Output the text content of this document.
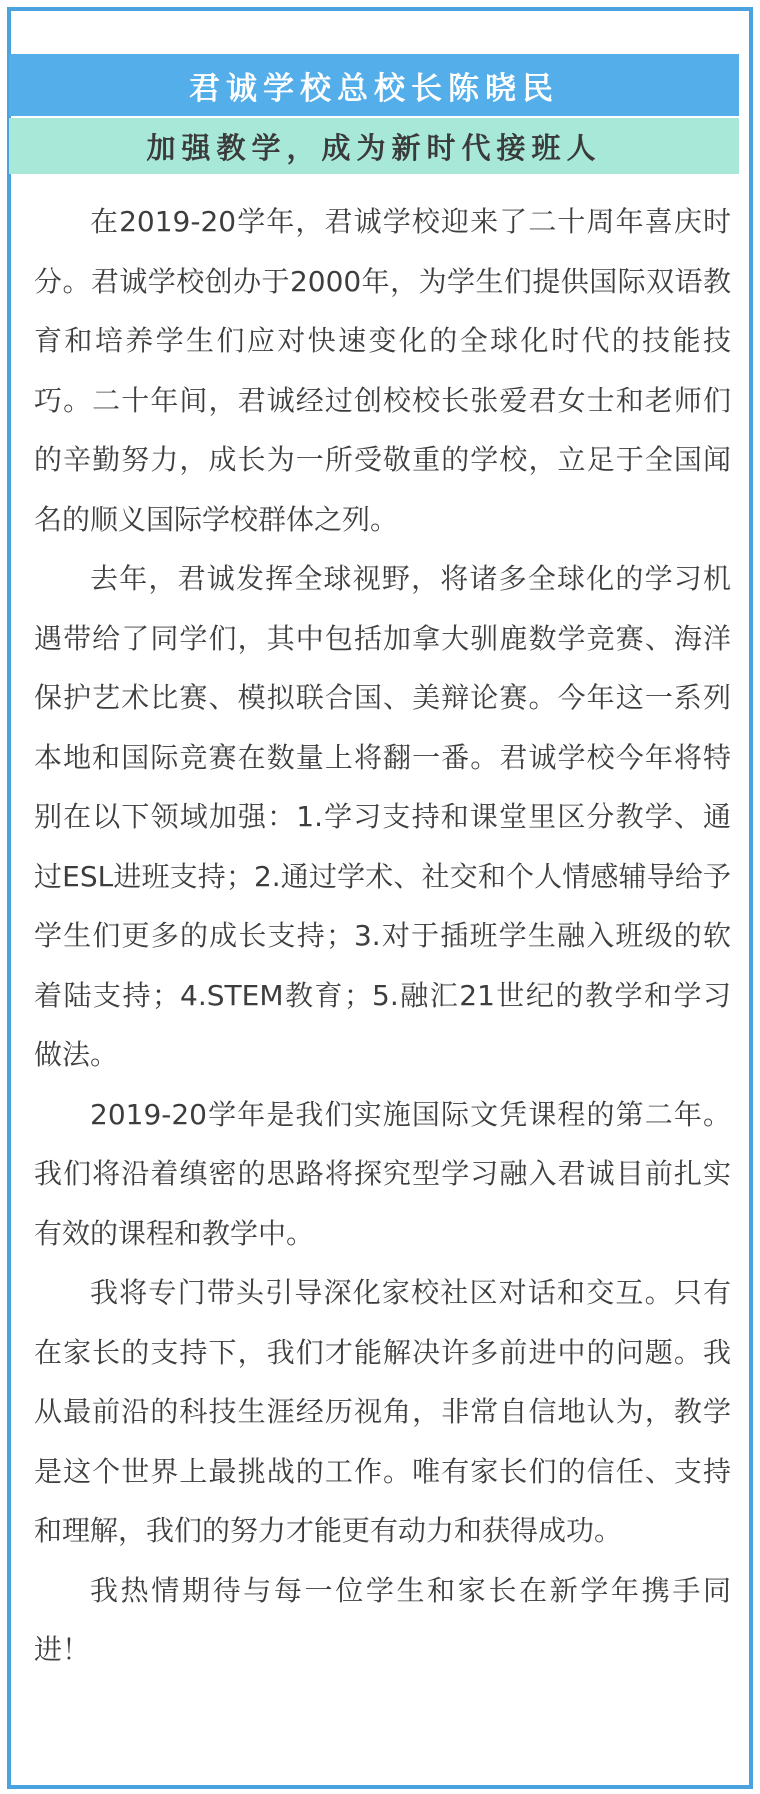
君诚学校总校长陈晓民
加强教学，成为新时代接班人

在2019-20学年，君诚学校迎来了二十周年喜庆时分。君诚学校创办于2000年，为学生们提供国际双语教育和培养学生们应对快速变化的全球化时代的技能技巧。二十年间，君诚经过创校校长张爱君女士和老师们的辛勤努力，成长为一所受敬重的学校，立足于全国闻名的顺义国际学校群体之列。

去年，君诚发挥全球视野，将诸多全球化的学习机遇带给了同学们，其中包括加拿大驯鹿数学竞赛、海洋保护艺术比赛、模拟联合国、美辩论赛。今年这一系列本地和国际竞赛在数量上将翻一番。君诚学校今年将特别在以下领域加强：1.学习支持和课堂里区分教学、通过ESL进班支持；2.通过学术、社交和个人情感辅导给予学生们更多的成长支持；3.对于插班学生融入班级的软着陆支持；4.STEM教育；5.融汇21世纪的教学和学习做法。

2019-20学年是我们实施国际文凭课程的第二年。我们将沿着缜密的思路将探究型学习融入君诚目前扎实有效的课程和教学中。

我将专门带头引导深化家校社区对话和交互。只有在家长的支持下，我们才能解决许多前进中的问题。我从最前沿的科技生涯经历视角，非常自信地认为，教学是这个世界上最挑战的工作。唯有家长们的信任、支持和理解，我们的努力才能更有动力和获得成功。

我热情期待与每一位学生和家长在新学年携手同进！
